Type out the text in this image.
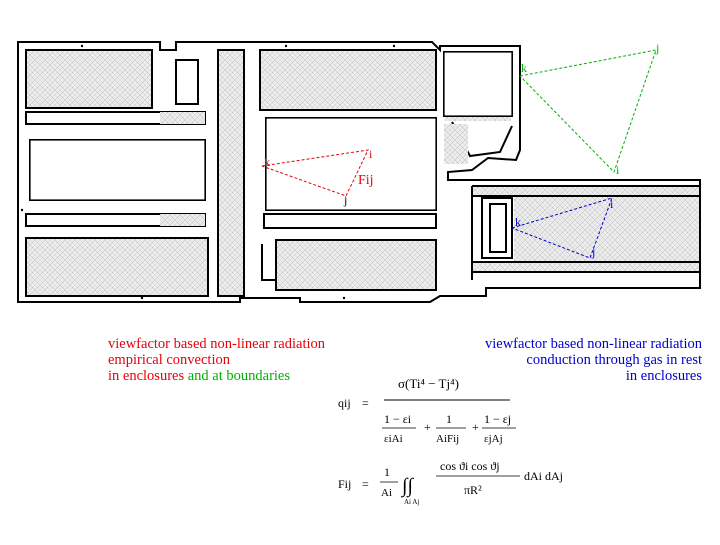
k
i
j
Fij
k
j
i
k
i
j
σ(Ti⁴ − Tj⁴)
qij =
1 − εi
εiAi
+
1
AiFij
+
1 − εj
εjAj
Fij =
1
Ai ∫∫
Ai Aj
cos ϑi cos ϑj
πR²
dAi dAj
viewfactor based non-linear radiation
empirical convection
in enclosures and at boundaries
viewfactor based non-linear radiation
conduction through gas in rest
in enclosures
